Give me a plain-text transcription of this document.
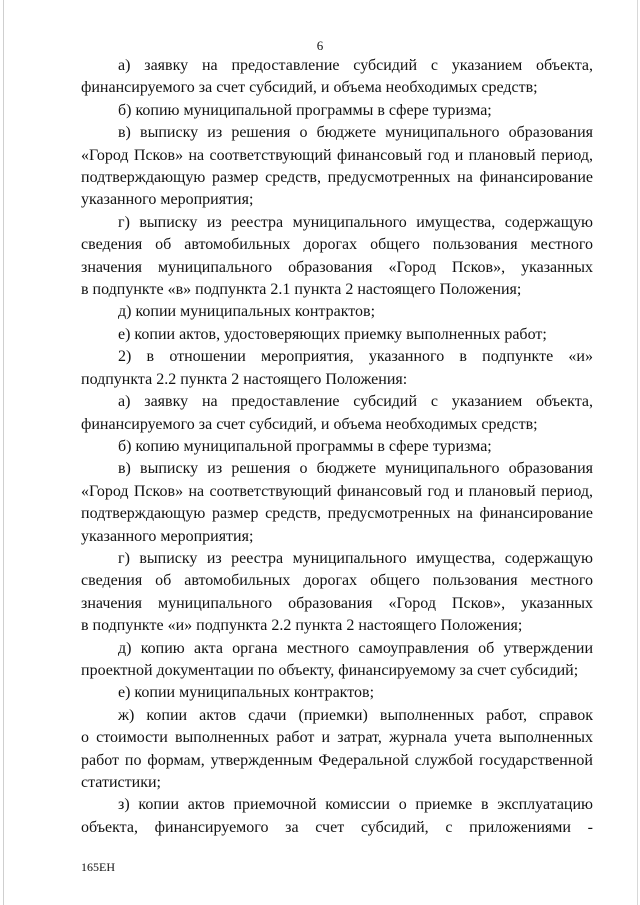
6
а) заявку на предоставление субсидий с указанием объекта,
финансируемого за счет субсидий, и объема необходимых средств;
б) копию муниципальной программы в сфере туризма;
в) выписку из решения о бюджете муниципального образования
«Город Псков» на соответствующий финансовый год и плановый период,
подтверждающую размер средств, предусмотренных на финансирование
указанного мероприятия;
г) выписку из реестра муниципального имущества, содержащую
сведения об автомобильных дорогах общего пользования местного
значения муниципального образования «Город Псков», указанных
в подпункте «в» подпункта 2.1 пункта 2 настоящего Положения;
д) копии муниципальных контрактов;
е) копии актов, удостоверяющих приемку выполненных работ;
2) в отношении мероприятия, указанного в подпункте «и»
подпункта 2.2 пункта 2 настоящего Положения:
а) заявку на предоставление субсидий с указанием объекта,
финансируемого за счет субсидий, и объема необходимых средств;
б) копию муниципальной программы в сфере туризма;
в) выписку из решения о бюджете муниципального образования
«Город Псков» на соответствующий финансовый год и плановый период,
подтверждающую размер средств, предусмотренных на финансирование
указанного мероприятия;
г) выписку из реестра муниципального имущества, содержащую
сведения об автомобильных дорогах общего пользования местного
значения муниципального образования «Город Псков», указанных
в подпункте «и» подпункта 2.2 пункта 2 настоящего Положения;
д) копию акта органа местного самоуправления об утверждении
проектной документации по объекту, финансируемому за счет субсидий;
е) копии муниципальных контрактов;
ж) копии актов сдачи (приемки) выполненных работ, справок
о стоимости выполненных работ и затрат, журнала учета выполненных
работ по формам, утвержденным Федеральной службой государственной
статистики;
з) копии актов приемочной комиссии о приемке в эксплуатацию
объекта, финансируемого за счет субсидий, с приложениями -
165ЕН
